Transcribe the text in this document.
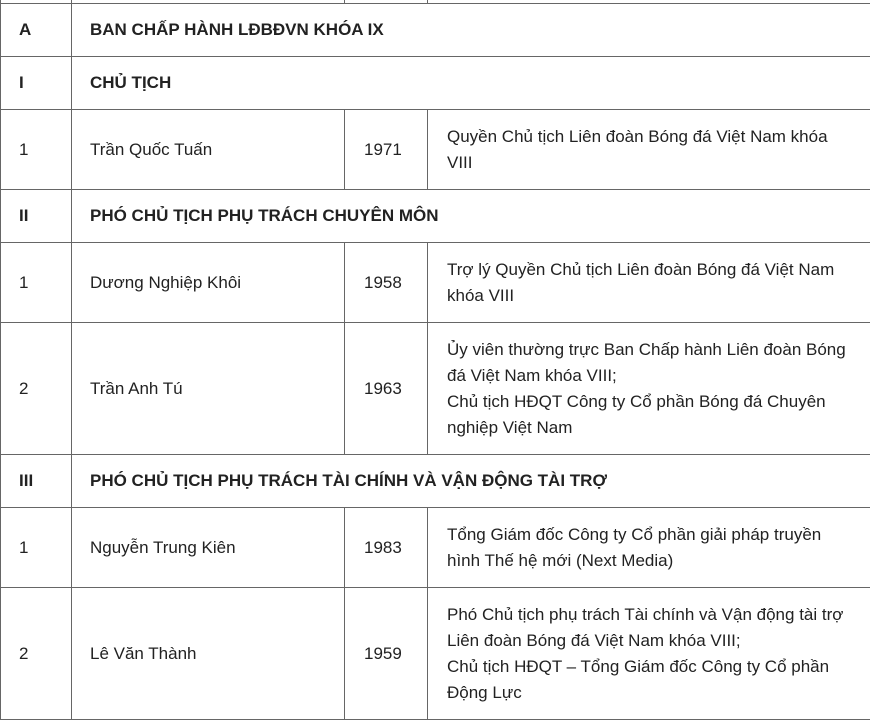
A	BAN CHẤP HÀNH LĐBĐVN KHÓA IX		
I	CHỦ TỊCH		
1	Trần Quốc Tuấn	1971	Quyền Chủ tịch Liên đoàn Bóng đá Việt Nam khóa VIII

II	PHÓ CHỦ TỊCH PHỤ TRÁCH CHUYÊN MÔN		
1	Dương Nghiệp Khôi	1958	Trợ lý Quyền Chủ tịch Liên đoàn Bóng đá Việt Nam khóa VIII

2	Trần Anh Tú	1963	Ủy viên thường trực Ban Chấp hành Liên đoàn Bóng đá Việt Nam khóa VIII;
Chủ tịch HĐQT Công ty Cổ phần Bóng đá Chuyên nghiệp Việt Nam

III	PHÓ CHỦ TỊCH PHỤ TRÁCH TÀI CHÍNH VÀ VẬN ĐỘNG TÀI TRỢ		
1	Nguyễn Trung Kiên	1983	Tổng Giám đốc Công ty Cổ phần giải pháp truyền hình Thế hệ mới (Next Media)

2	Lê Văn Thành	1959	Phó Chủ tịch phụ trách Tài chính và Vận động tài trợ Liên đoàn Bóng đá Việt Nam khóa VIII;
Chủ tịch HĐQT – Tổng Giám đốc Công ty Cổ phần Động Lực
